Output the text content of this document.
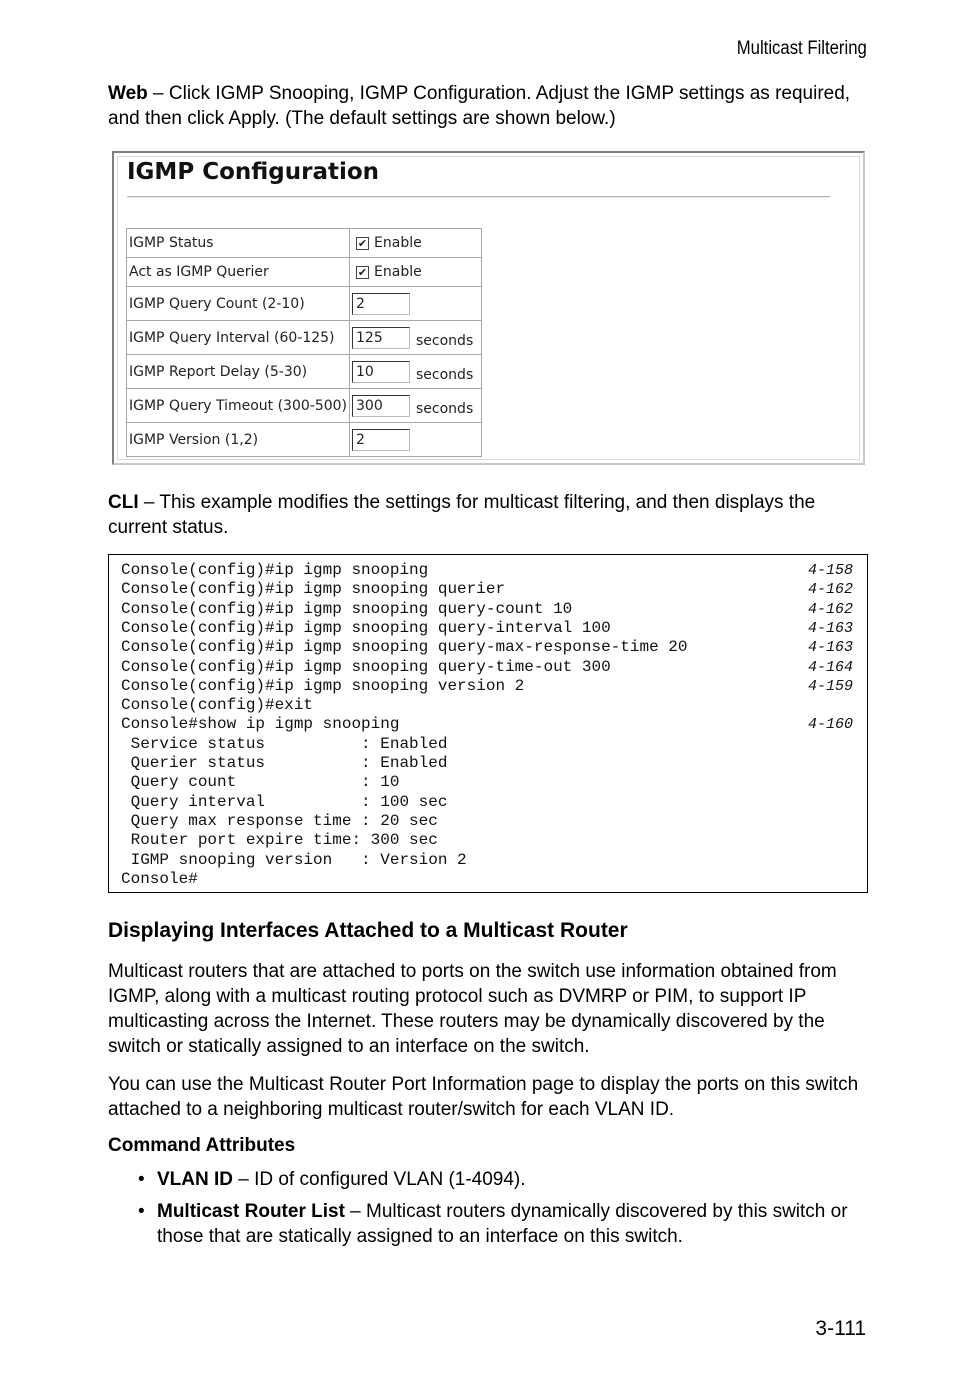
Multicast Filtering

Web – Click IGMP Snooping, IGMP Configuration. Adjust the IGMP settings as required, and then click Apply. (The default settings are shown below.)

IGMP Configuration
IGMP Status	✔ Enable

Act as IGMP Querier	✔ Enable

IGMP Query Count (2-10)	2

IGMP Query Interval (60-125)	125 seconds

IGMP Report Delay (5-30)	10 seconds

IGMP Query Timeout (300-500)	300 seconds

IGMP Version (1,2)	2

CLI – This example modifies the settings for multicast filtering, and then displays the current status.

Console(config)#ip igmp snooping	4-158
Console(config)#ip igmp snooping querier	4-162
Console(config)#ip igmp snooping query-count 10	4-162
Console(config)#ip igmp snooping query-interval 100	4-163
Console(config)#ip igmp snooping query-max-response-time 20	4-163
Console(config)#ip igmp snooping query-time-out 300	4-164
Console(config)#ip igmp snooping version 2	4-159
Console(config)#exit
Console#show ip igmp snooping	4-160
Service status          : Enabled
Querier status          : Enabled
Query count             : 10
Query interval          : 100 sec
Query max response time : 20 sec
Router port expire time: 300 sec
IGMP snooping version   : Version 2
Console#
Displaying Interfaces Attached to a Multicast Router

Multicast routers that are attached to ports on the switch use information obtained from IGMP, along with a multicast routing protocol such as DVMRP or PIM, to support IP multicasting across the Internet. These routers may be dynamically discovered by the switch or statically assigned to an interface on the switch.

You can use the Multicast Router Port Information page to display the ports on this switch attached to a neighboring multicast router/switch for each VLAN ID.

Command Attributes
• VLAN ID – ID of configured VLAN (1-4094).
• Multicast Router List – Multicast routers dynamically discovered by this switch or those that are statically assigned to an interface on this switch.
3-111
